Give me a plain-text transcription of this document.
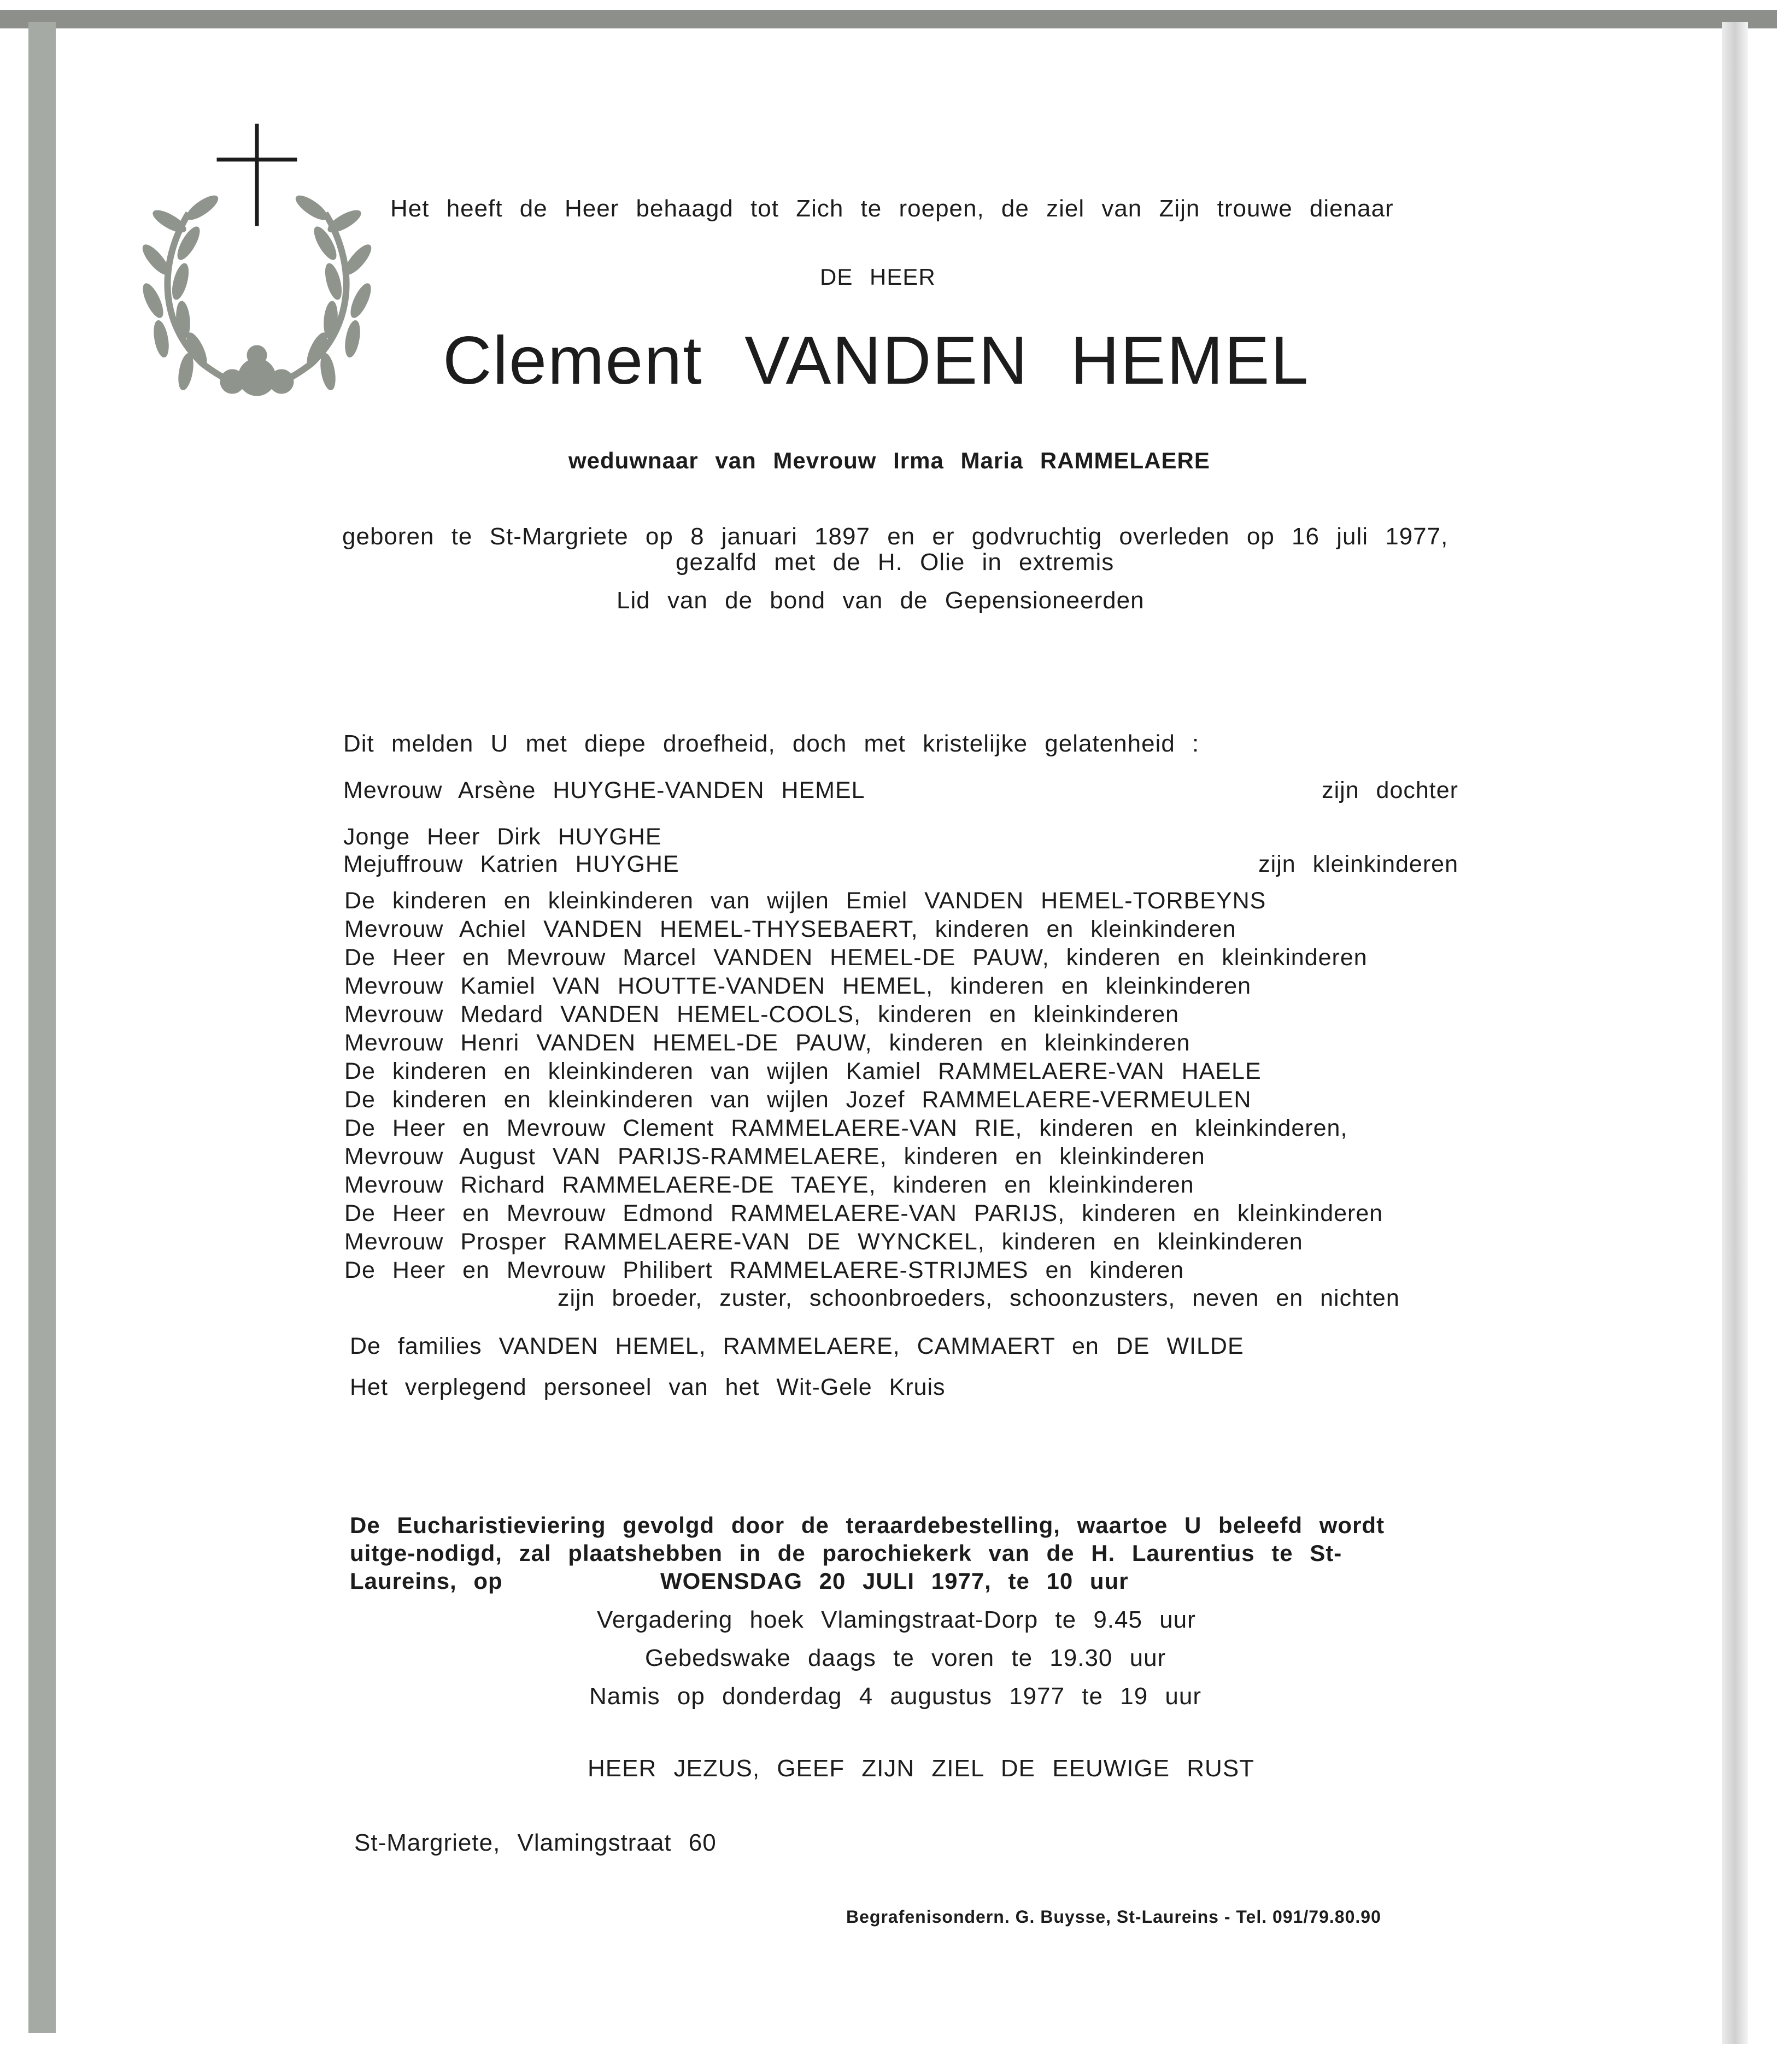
Het heeft de Heer behaagd tot Zich te roepen, de ziel van Zijn trouwe dienaar
DE HEER
Clement VANDEN HEMEL
weduwnaar van Mevrouw Irma Maria RAMMELAERE
geboren te St-Margriete op 8 januari 1897 en er godvruchtig overleden op 16 juli 1977,
gezalfd met de H. Olie in extremis
Lid van de bond van de Gepensioneerden
Dit melden U met diepe droefheid, doch met kristelijke gelatenheid :
Mevrouw Arsène HUYGHE-VANDEN HEMEL	zijn dochter
Jonge Heer Dirk HUYGHE
Mejuffrouw Katrien HUYGHE	zijn kleinkinderen
De kinderen en kleinkinderen van wijlen Emiel VANDEN HEMEL-TORBEYNS
Mevrouw Achiel VANDEN HEMEL-THYSEBAERT, kinderen en kleinkinderen
De Heer en Mevrouw Marcel VANDEN HEMEL-DE PAUW, kinderen en kleinkinderen
Mevrouw Kamiel VAN HOUTTE-VANDEN HEMEL, kinderen en kleinkinderen
Mevrouw Medard VANDEN HEMEL-COOLS, kinderen en kleinkinderen
Mevrouw Henri VANDEN HEMEL-DE PAUW, kinderen en kleinkinderen
De kinderen en kleinkinderen van wijlen Kamiel RAMMELAERE-VAN HAELE
De kinderen en kleinkinderen van wijlen Jozef RAMMELAERE-VERMEULEN
De Heer en Mevrouw Clement RAMMELAERE-VAN RIE, kinderen en kleinkinderen,
Mevrouw August VAN PARIJS-RAMMELAERE, kinderen en kleinkinderen
Mevrouw Richard RAMMELAERE-DE TAEYE, kinderen en kleinkinderen
De Heer en Mevrouw Edmond RAMMELAERE-VAN PARIJS, kinderen en kleinkinderen
Mevrouw Prosper RAMMELAERE-VAN DE WYNCKEL, kinderen en kleinkinderen
De Heer en Mevrouw Philibert RAMMELAERE-STRIJMES en kinderen
zijn broeder, zuster, schoonbroeders, schoonzusters, neven en nichten
De families VANDEN HEMEL, RAMMELAERE, CAMMAERT en DE WILDE
Het verplegend personeel van het Wit-Gele Kruis
De Eucharistieviering gevolgd door de teraardebestelling, waartoe U beleefd wordt uitge-nodigd, zal plaatshebben in de parochiekerk van de H. Laurentius te St-Laureins, op	WOENSDAG 20 JULI 1977, te 10 uur
Vergadering hoek Vlamingstraat-Dorp te 9.45 uur
Gebedswake daags te voren te 19.30 uur
Namis op donderdag 4 augustus 1977 te 19 uur
HEER JEZUS, GEEF ZIJN ZIEL DE EEUWIGE RUST
St-Margriete, Vlamingstraat 60
Begrafenisondern. G. Buysse, St-Laureins - Tel. 091/79.80.90
